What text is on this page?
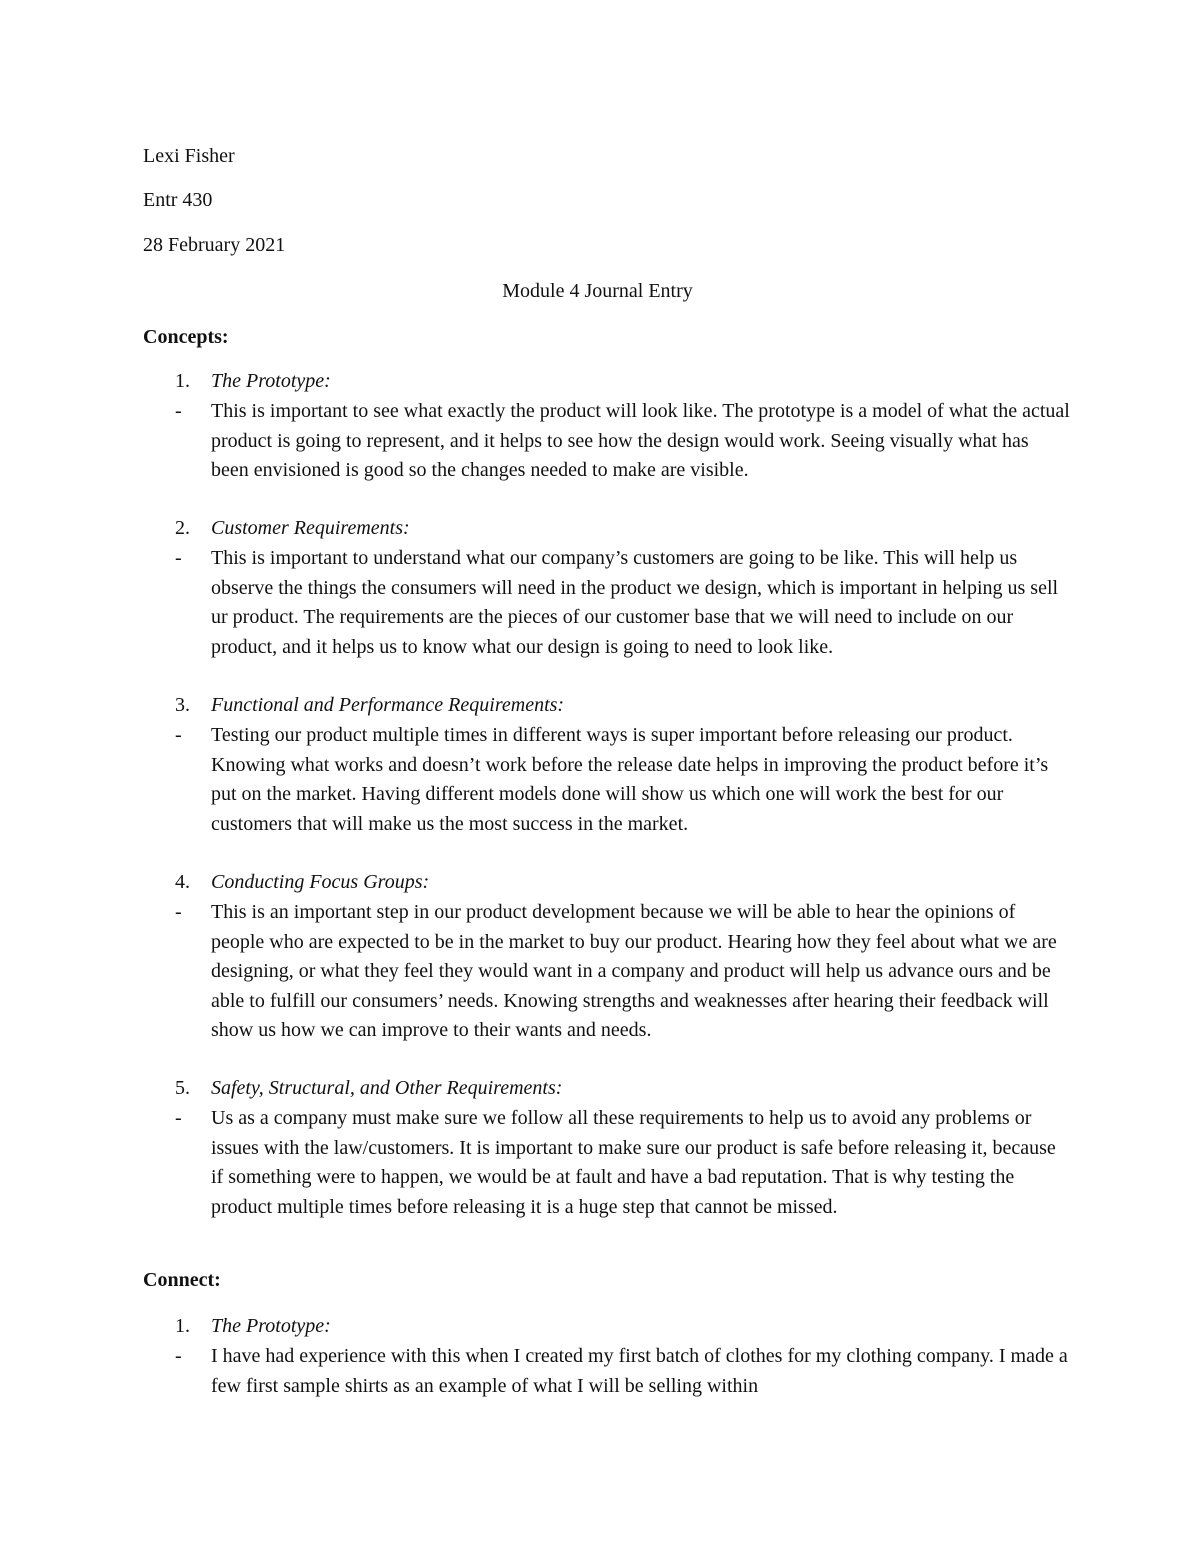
Lexi Fisher
Entr 430
28 February 2021
Module 4 Journal Entry
Concepts:
1. The Prototype:
- This is important to see what exactly the product will look like. The prototype is a model of what the actual product is going to represent, and it helps to see how the design would work. Seeing visually what has been envisioned is good so the changes needed to make are visible.
2. Customer Requirements:
- This is important to understand what our company’s customers are going to be like. This will help us observe the things the consumers will need in the product we design, which is important in helping us sell ur product. The requirements are the pieces of our customer base that we will need to include on our product, and it helps us to know what our design is going to need to look like.
3. Functional and Performance Requirements:
- Testing our product multiple times in different ways is super important before releasing our product. Knowing what works and doesn’t work before the release date helps in improving the product before it’s put on the market. Having different models done will show us which one will work the best for our customers that will make us the most success in the market.
4. Conducting Focus Groups:
- This is an important step in our product development because we will be able to hear the opinions of people who are expected to be in the market to buy our product. Hearing how they feel about what we are designing, or what they feel they would want in a company and product will help us advance ours and be able to fulfill our consumers’ needs. Knowing strengths and weaknesses after hearing their feedback will show us how we can improve to their wants and needs.
5. Safety, Structural, and Other Requirements:
- Us as a company must make sure we follow all these requirements to help us to avoid any problems or issues with the law/customers. It is important to make sure our product is safe before releasing it, because if something were to happen, we would be at fault and have a bad reputation. That is why testing the product multiple times before releasing it is a huge step that cannot be missed.
Connect:
1. The Prototype:
- I have had experience with this when I created my first batch of clothes for my clothing company. I made a few first sample shirts as an example of what I will be selling within
